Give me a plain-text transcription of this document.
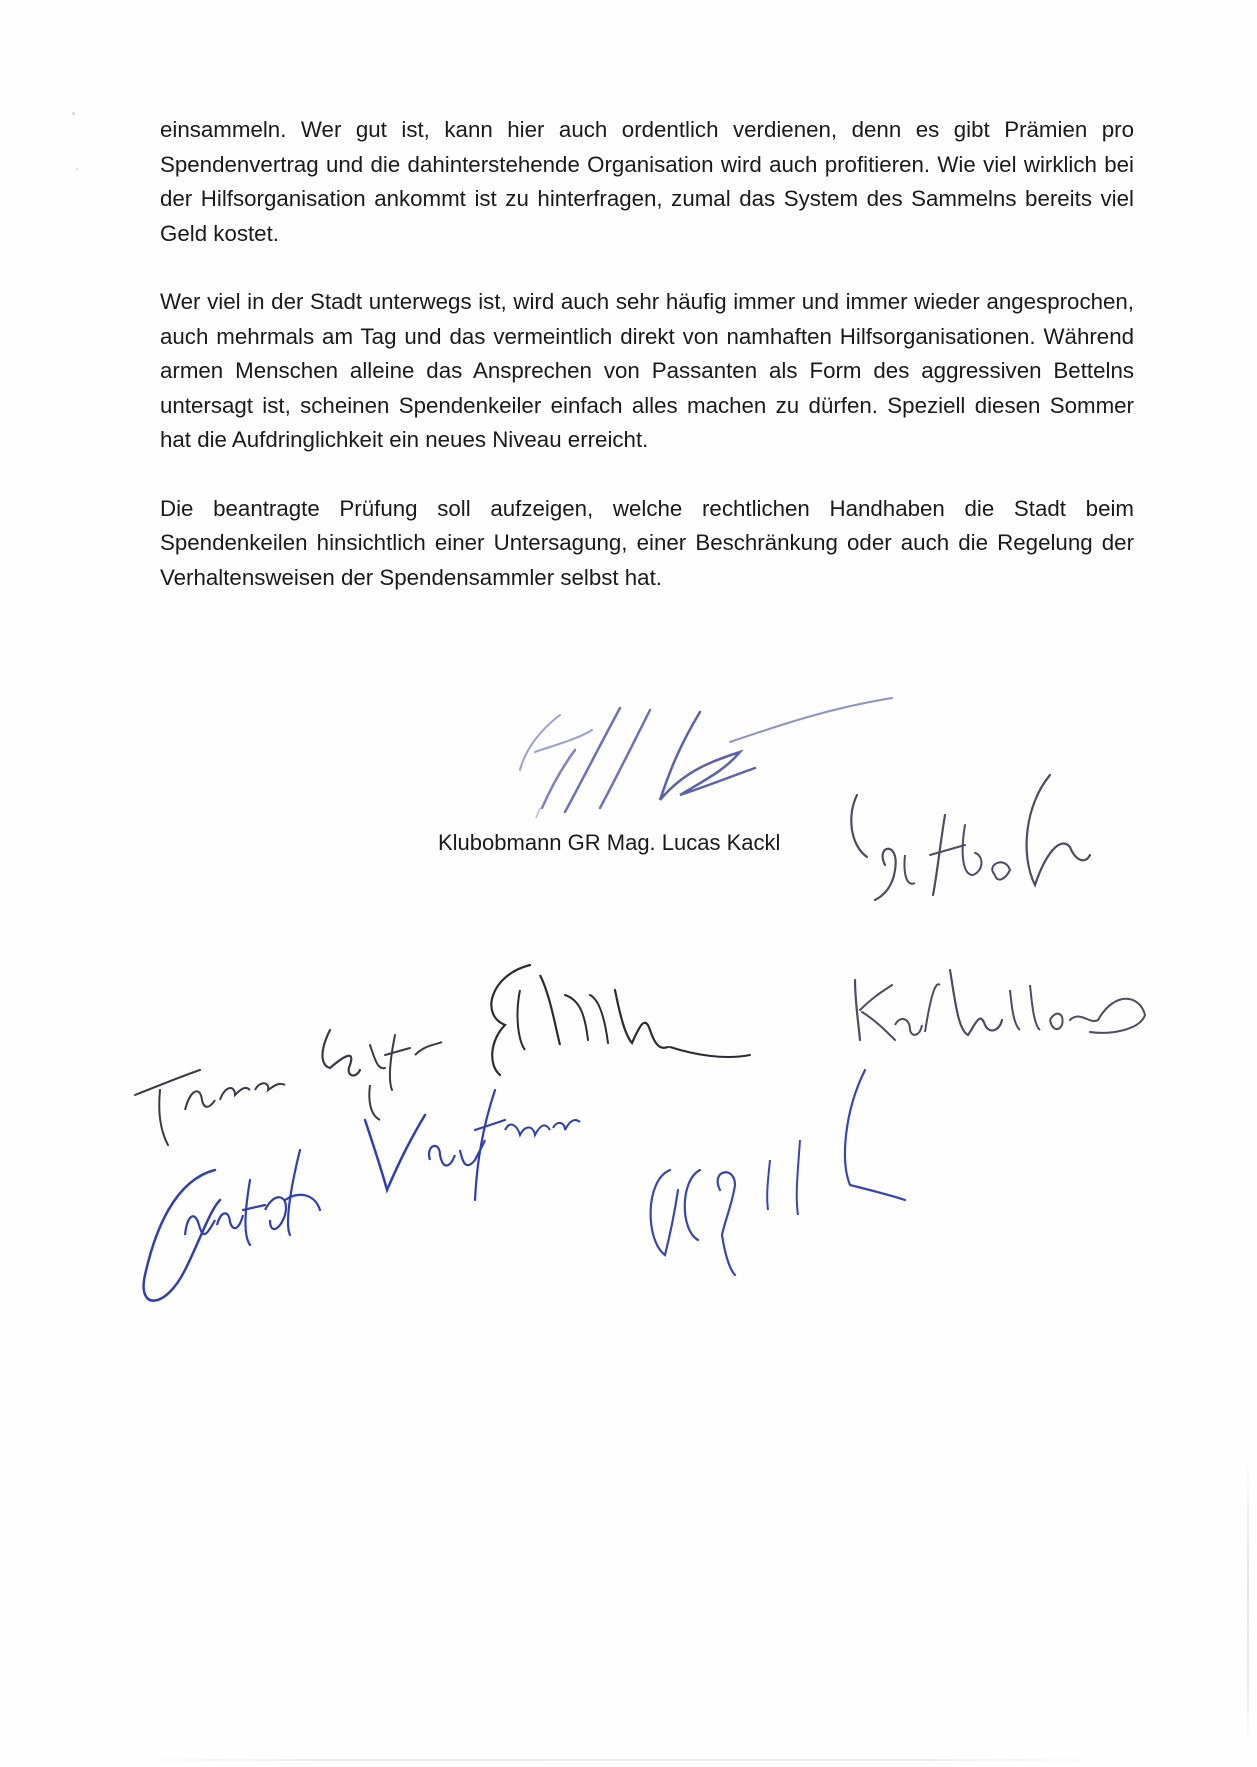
einsammeln. Wer gut ist, kann hier auch ordentlich verdienen, denn es gibt Prämien pro Spendenvertrag und die dahinterstehende Organisation wird auch profitieren. Wie viel wirklich bei der Hilfsorganisation ankommt ist zu hinterfragen, zumal das System des Sammelns bereits viel Geld kostet.

Wer viel in der Stadt unterwegs ist, wird auch sehr häufig immer und immer wieder angesprochen, auch mehrmals am Tag und das vermeintlich direkt von namhaften Hilfsorganisationen. Während armen Menschen alleine das Ansprechen von Passanten als Form des aggressiven Bettelns untersagt ist, scheinen Spendenkeiler einfach alles machen zu dürfen. Speziell diesen Sommer hat die Aufdringlichkeit ein neues Niveau erreicht.

Die beantragte Prüfung soll aufzeigen, welche rechtlichen Handhaben die Stadt beim Spendenkeilen hinsichtlich einer Untersagung, einer Beschränkung oder auch die Regelung der Verhaltensweisen der Spendensammler selbst hat.

Klubobmann GR Mag. Lucas Kackl
